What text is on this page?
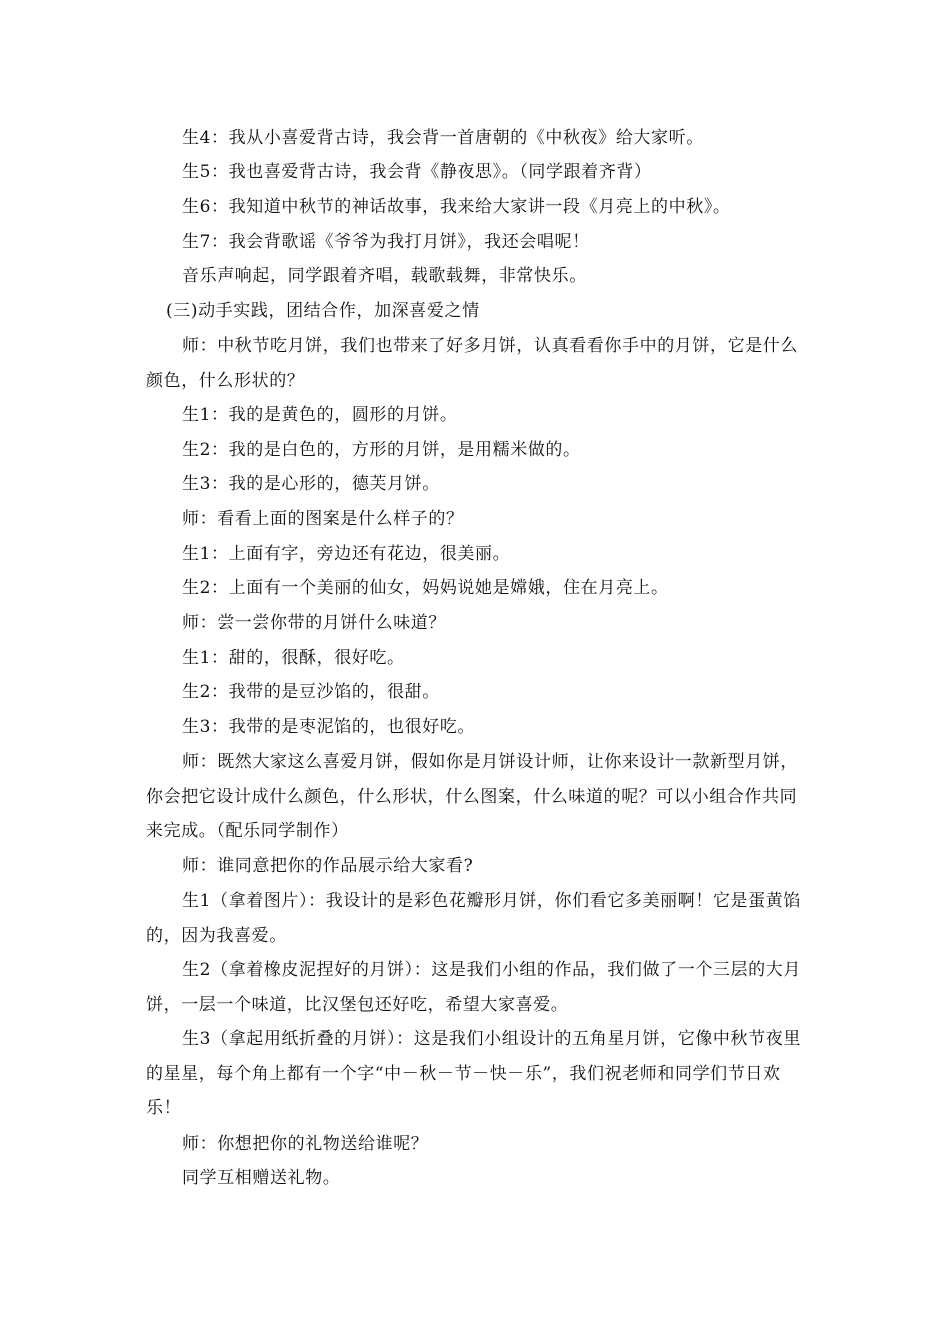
生4：我从小喜爱背古诗，我会背一首唐朝的《中秋夜》给大家听。

生5：我也喜爱背古诗，我会背《静夜思》。（同学跟着齐背）

生6：我知道中秋节的神话故事，我来给大家讲一段《月亮上的中秋》。

生7：我会背歌谣《爷爷为我打月饼》，我还会唱呢！

音乐声响起，同学跟着齐唱，载歌载舞，非常快乐。

(三)动手实践，团结合作，加深喜爱之情

师：中秋节吃月饼，我们也带来了好多月饼，认真看看你手中的月饼，它是什么颜色，什么形状的？

生1：我的是黄色的，圆形的月饼。

生2：我的是白色的，方形的月饼，是用糯米做的。

生3：我的是心形的，德芙月饼。

师：看看上面的图案是什么样子的？

生1：上面有字，旁边还有花边，很美丽。

生2：上面有一个美丽的仙女，妈妈说她是嫦娥，住在月亮上。

师：尝一尝你带的月饼什么味道？

生1：甜的，很酥，很好吃。

生2：我带的是豆沙馅的，很甜。

生3：我带的是枣泥馅的，也很好吃。

师：既然大家这么喜爱月饼，假如你是月饼设计师，让你来设计一款新型月饼，你会把它设计成什么颜色，什么形状，什么图案，什么味道的呢？可以小组合作共同来完成。（配乐同学制作）

师：谁同意把你的作品展示给大家看?

生1（拿着图片）：我设计的是彩色花瓣形月饼，你们看它多美丽啊！它是蛋黄馅的，因为我喜爱。

生2（拿着橡皮泥捏好的月饼）：这是我们小组的作品，我们做了一个三层的大月饼，一层一个味道，比汉堡包还好吃，希望大家喜爱。

生3（拿起用纸折叠的月饼）：这是我们小组设计的五角星月饼，它像中秋节夜里的星星，每个角上都有一个字“中－秋－节－快－乐”，我们祝老师和同学们节日欢乐！

师：你想把你的礼物送给谁呢？

同学互相赠送礼物。
